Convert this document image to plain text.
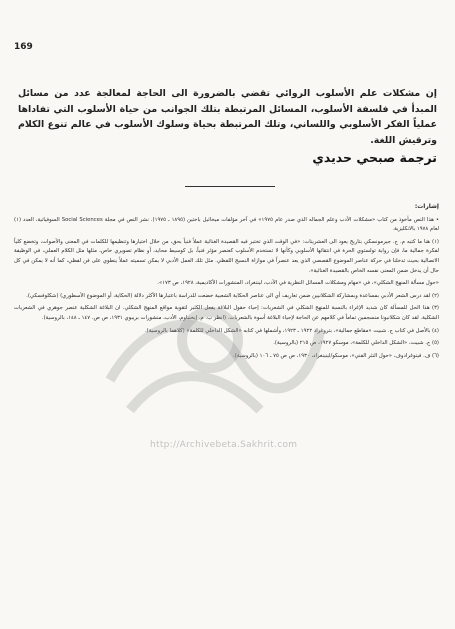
169

إن مشكلات علم الأسلوب الروائي تقضي بالضرورة الى الحاجة لمعالجة عدد من مسائل المبدأ في فلسفة الأسلوب، المسائل المرتبطة بتلك الجوانب من حياة الأسلوب التي تفاداها عملياً الفكر الأسلوبي واللساني، وتلك المرتبطة بحياة وسلوك الأسلوب في عالم تنوع الكلام وترقيش اللغة.

ترجمة صبحي حديدي

إشارات:

• هذا النص مأخوذ من كتاب «مشكلات الأدب وعلم الجماله الذي صدر عام ١٩٧٥» في آخر مؤلفات ميخائيل باختين (١٨٩٥ ـ ١٩٧٥). نشر النص في مجلة Social Sciences السوفياتية، العدد (١) لعام ١٩٧٨ بالانكليزية.

(١) هنا ما كتبه م. ج. جيرمونسكي بتاريخ يعود الى العشرينات: «في الوقت الذي تختبر فيه القصيدة الغنائية عملاً فنياً بحق، من خلال اختيارها وتنظيمها للكلمات في المعنى والأصوات، وتخضع كلياً لفكرة جمالية ما، فإن رواية تولستوي الحرة في انتقائها الأسلوبي وكأنها لا تستخدم الأسلوب كعنصر مؤثر فنياً، بل كوسيط محايد، أو نظام تصويري خاص، مثلها مثل الكلام العملي، في الوظيفة الاتصالية بحيث تدخلنا في حركة عناصر الموضوع القصصي الذي يعد عنصراً في موازاة النسيج اللفظي. مثل تلك العمل الأدبي لا يمكن تسميته عملاً ينطوي على فن لفظي، كما أنه لا يمكن في كل حال أن يدخل ضمن المعنى نفسه الخاص بالقصيدة الغنائية».

«حول مسألة المنهج الشكلي»، في «مهام ومشكلات المسائل النظرية في الأدب، ليننغراد، المنشورات الأكاديمية، ١٩٢٨، ص ١٧٣».

(٢) لقد درس الشعر الأدبي بمساعدة وبمشاركة الشكلانيين ضمن تعاريف أي الى عناصر الحكاية الشعبية خضعت للدراسة باعتبارها الأكثر دلالة (الحكاية، أو الموضوع الأسطوري) (شكلوفسكي).

(٣) هذا الحل للمسألة كان شديد الإغراء بالنسبة للمنهج الشكلي في الشعريات: إحياء حقول البلاغة يفعل الكثير لتقوية مواقع المنهج الشكلي. ان البلاغة الشكلية عنصر جوهري في الشعريات الشكلية. لقد كان شكلانيونا منسجمين تماماً في كلامهم عن الحاجة لإحياء البلاغة أسوة بالشعريات. (انظر ب. م. إيخنباوم، الأدب، منشورات بريبوي ١٩٣١، ص ص. ١٤٧ ـ ١٤٨، بالروسية).

(٤) بالأصل في كتاب ج. شبيت «مقاطع جمالية»، بتروغراد ١٩٢٢ ـ ١٩٢٣، وأشملها في كتابه «الشكل الداخلي للكلمة» (كلاهما بالروسية).

(٥) ج. شبيت، «الشكل الداخلي للكلمة»، موسكو ١٩٢٧، ص ٢١٥ (بالروسية).

(٦) ف. فينوغرادوف، «حول النثر الفني»، موسكو/لينينغراد، ١٩٣٠، ص ص ٧٥ ـ ١٠٦ (بالروسية).

http://Archivebeta.Sakhrit.com
